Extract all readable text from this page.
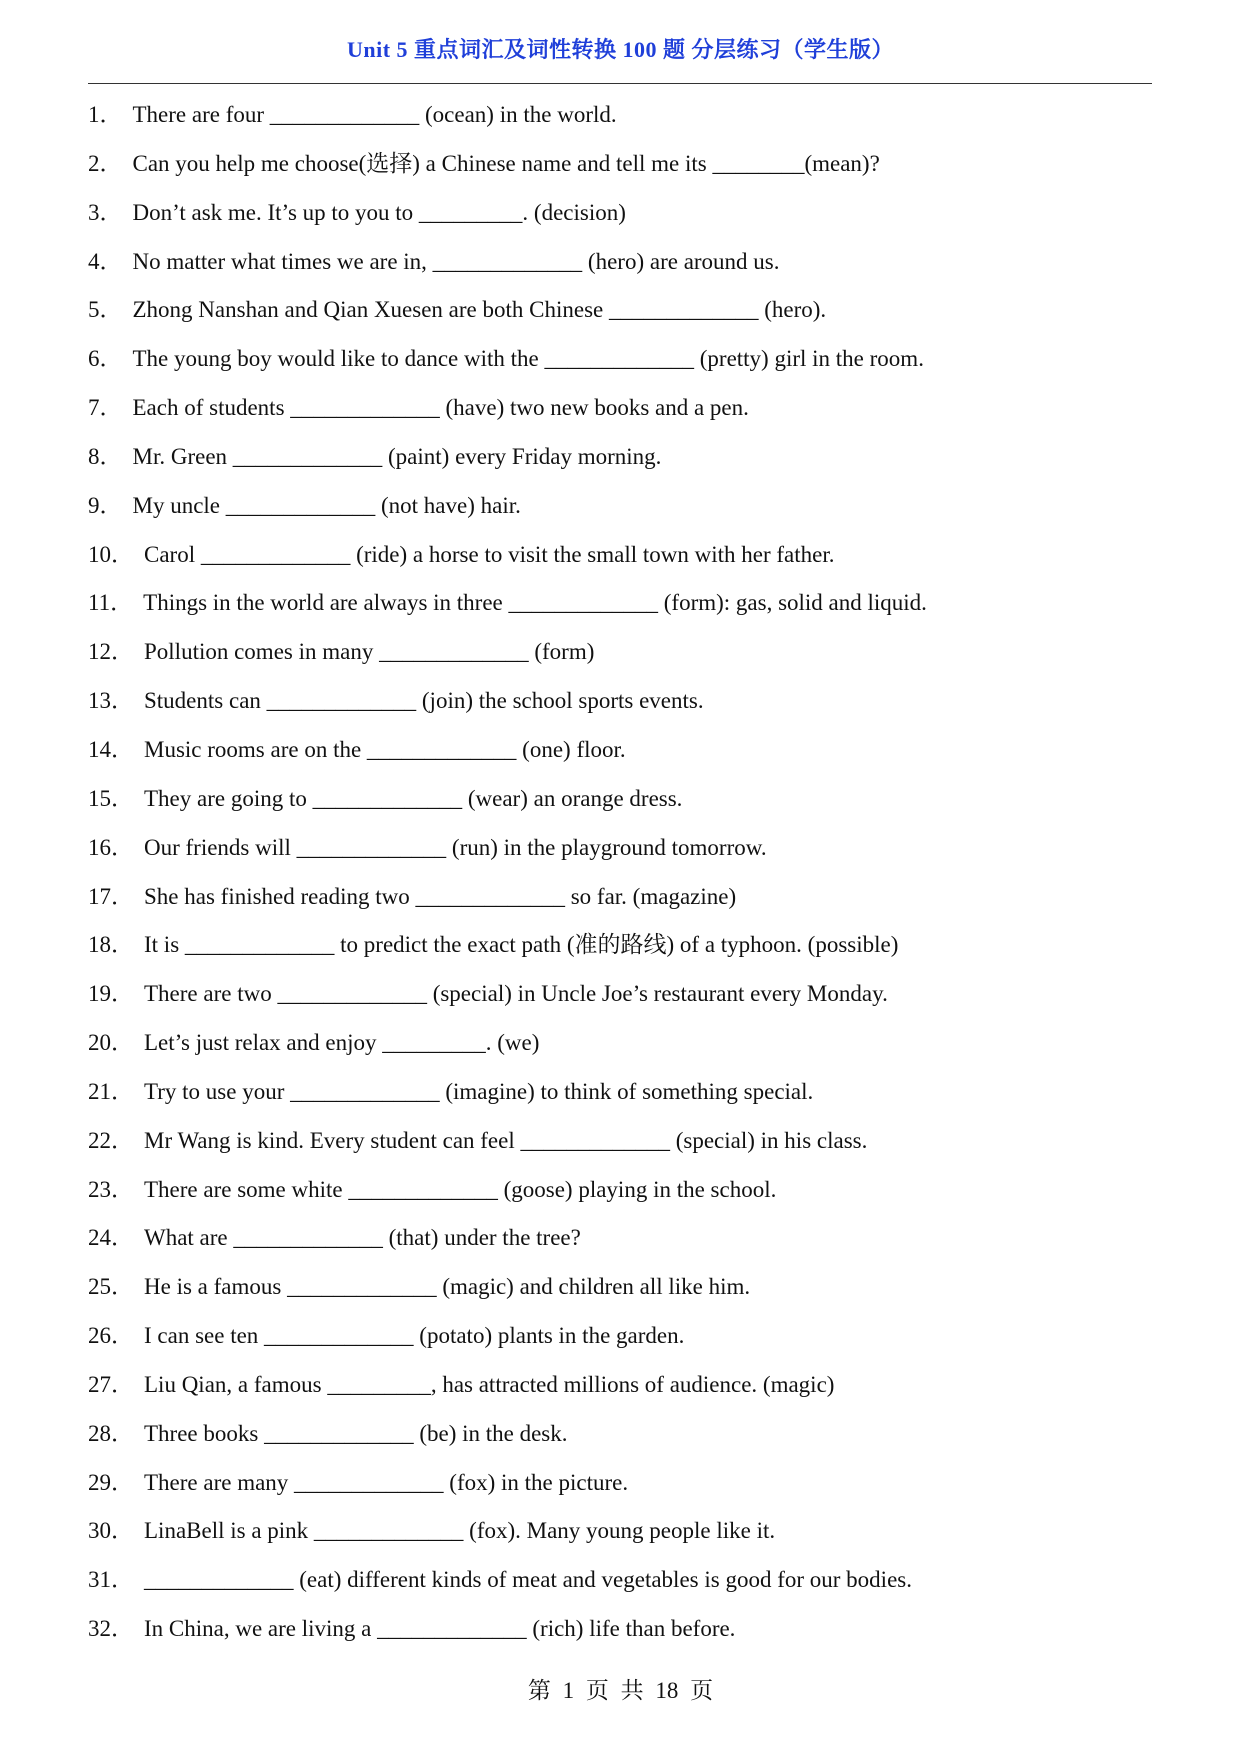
Unit 5 重点词汇及词性转换 100 题 分层练习（学生版）
1． There are four _____________ (ocean) in the world.
2． Can you help me choose(选择) a Chinese name and tell me its ________(mean)?
3． Don’t ask me. It’s up to you to _________. (decision)
4． No matter what times we are in, _____________ (hero) are around us.
5． Zhong Nanshan and Qian Xuesen are both Chinese _____________ (hero).
6． The young boy would like to dance with the _____________ (pretty) girl in the room.
7． Each of students _____________ (have) two new books and a pen.
8． Mr. Green _____________ (paint) every Friday morning.
9． My uncle _____________ (not have) hair.
10． Carol _____________ (ride) a horse to visit the small town with her father.
11． Things in the world are always in three _____________ (form): gas, solid and liquid.
12． Pollution comes in many _____________ (form)
13． Students can _____________ (join) the school sports events.
14． Music rooms are on the _____________ (one) floor.
15． They are going to _____________ (wear) an orange dress.
16． Our friends will _____________ (run) in the playground tomorrow.
17． She has finished reading two _____________ so far. (magazine)
18． It is _____________ to predict the exact path (准的路线) of a typhoon. (possible)
19． There are two _____________ (special) in Uncle Joe’s restaurant every Monday.
20． Let’s just relax and enjoy _________. (we)
21． Try to use your _____________ (imagine) to think of something special.
22． Mr Wang is kind. Every student can feel _____________ (special) in his class.
23． There are some white _____________ (goose) playing in the school.
24． What are _____________ (that) under the tree?
25． He is a famous _____________ (magic) and children all like him.
26． I can see ten _____________ (potato) plants in the garden.
27． Liu Qian, a famous _________, has attracted millions of audience. (magic)
28． Three books _____________ (be) in the desk.
29． There are many _____________ (fox) in the picture.
30． LinaBell is a pink _____________ (fox). Many young people like it.
31． _____________ (eat) different kinds of meat and vegetables is good for our bodies.
32． In China, we are living a _____________ (rich) life than before.
第 1 页 共 18 页
